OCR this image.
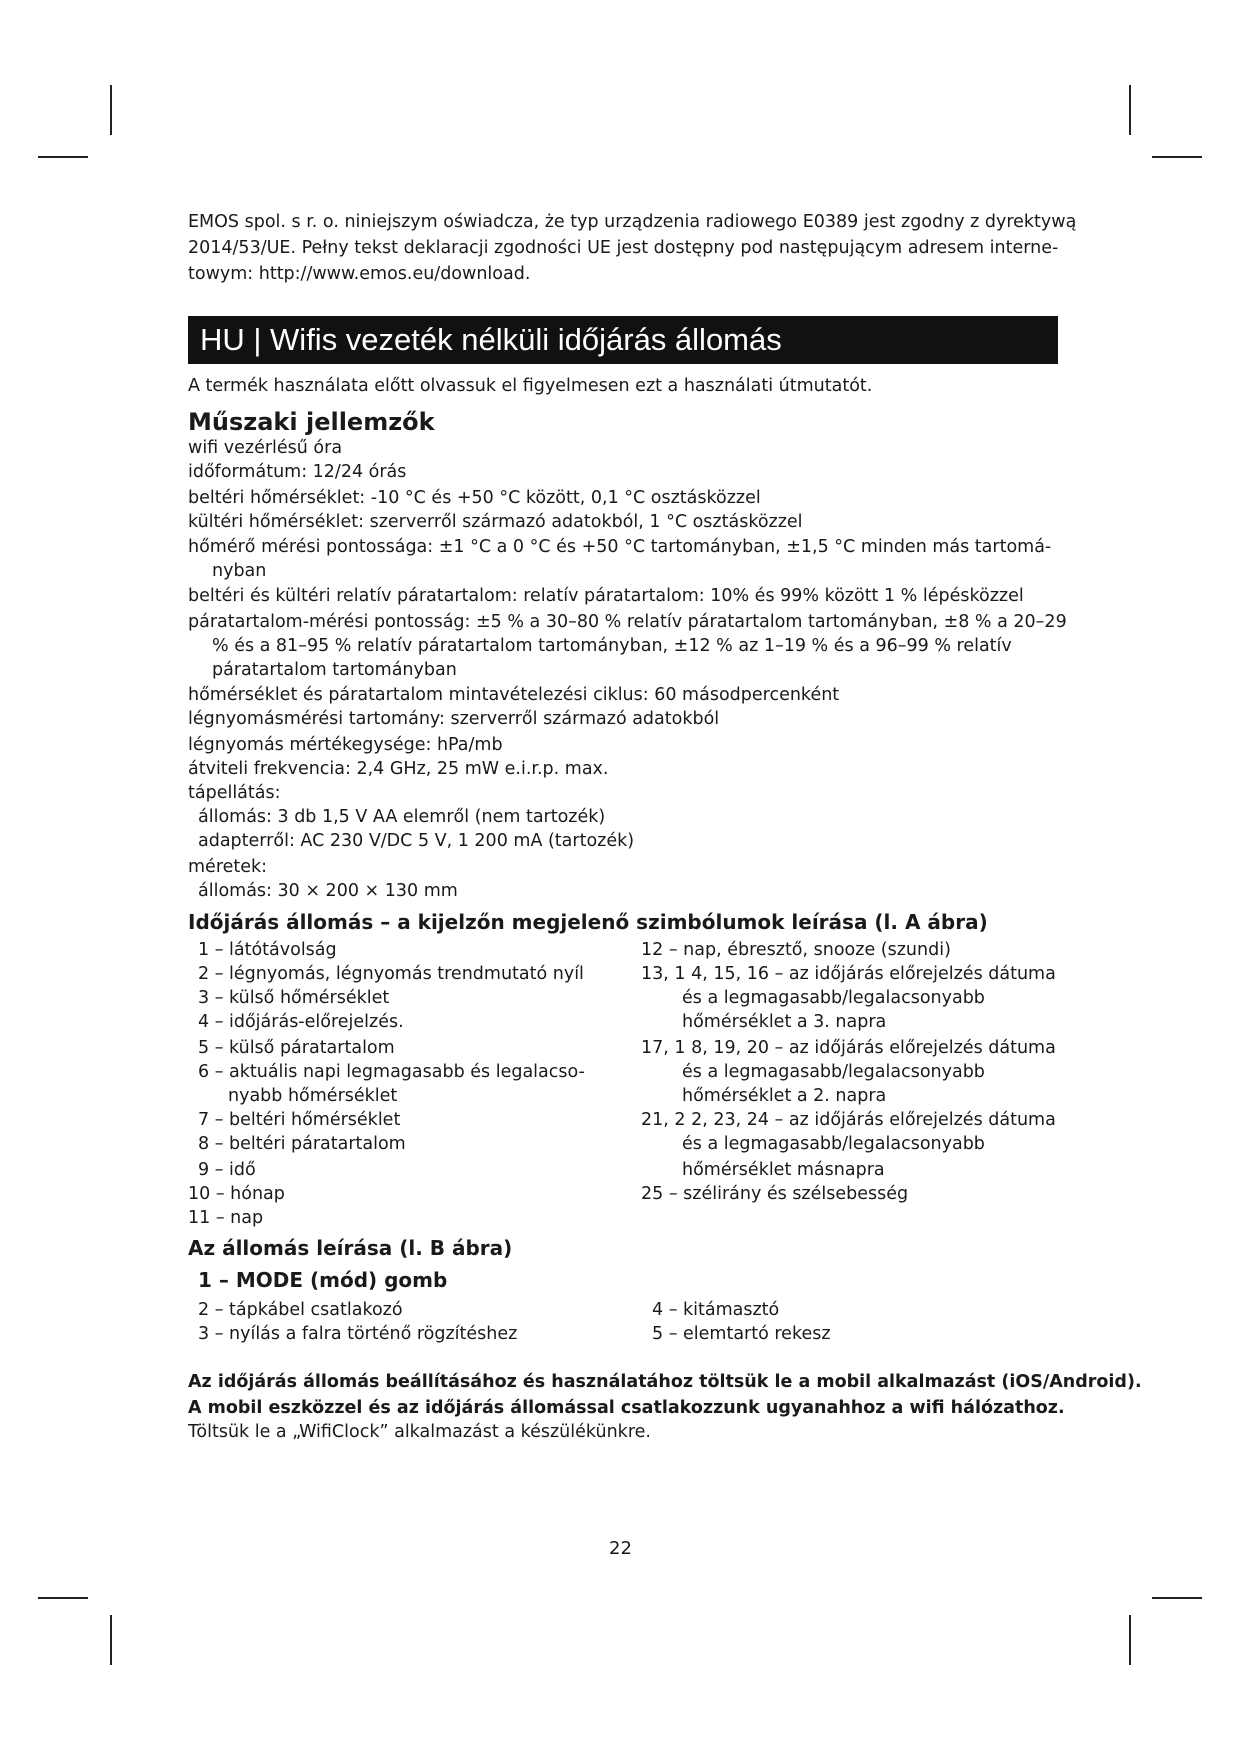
EMOS spol. s r. o. niniejszym oświadcza, że typ urządzenia radiowego E0389 jest zgodny z dyrektywą
2014/53/UE. Pełny tekst deklaracji zgodności UE jest dostępny pod następującym adresem interne-
towym: http://www.emos.eu/download.
HU | Wifis vezeték nélküli időjárás állomás
A termék használata előtt olvassuk el figyelmesen ezt a használati útmutatót.
Műszaki jellemzők
wifi vezérlésű óra
időformátum: 12/24 órás
beltéri hőmérséklet: -10 °C és +50 °C között, 0,1 °C osztásközzel
kültéri hőmérséklet: szerverről származó adatokból, 1 °C osztásközzel
hőmérő mérési pontossága: ±1 °C a 0 °C és +50 °C tartományban, ±1,5 °C minden más tartomá-
nyban
beltéri és kültéri relatív páratartalom: relatív páratartalom: 10% és 99% között 1 % lépésközzel
páratartalom-mérési pontosság: ±5 % a 30–80 % relatív páratartalom tartományban, ±8 % a 20–29
% és a 81–95 % relatív páratartalom tartományban, ±12 % az 1–19 % és a 96–99 % relatív
páratartalom tartományban
hőmérséklet és páratartalom mintavételezési ciklus: 60 másodpercenként
légnyomásmérési tartomány: szerverről származó adatokból
légnyomás mértékegysége: hPa/mb
átviteli frekvencia: 2,4 GHz, 25 mW e.i.r.p. max.
tápellátás:
állomás: 3 db 1,5 V AA elemről (nem tartozék)
adapterről: AC 230 V/DC 5 V, 1 200 mA (tartozék)
méretek:
állomás: 30 × 200 × 130 mm
Időjárás állomás – a kijelzőn megjelenő szimbólumok leírása (l. A ábra)
1 – látótávolság
2 – légnyomás, légnyomás trendmutató nyíl
3 – külső hőmérséklet
4 – időjárás-előrejelzés.
5 – külső páratartalom
6 – aktuális napi legmagasabb és legalacso-
nyabb hőmérséklet
7 – beltéri hőmérséklet
8 – beltéri páratartalom
9 – idő
10 – hónap
11 – nap
12 – nap, ébresztő, snooze (szundi)
13, 1 4, 15, 16 – az időjárás előrejelzés dátuma
és a legmagasabb/legalacsonyabb
hőmérséklet a 3. napra
17, 1 8, 19, 20 – az időjárás előrejelzés dátuma
és a legmagasabb/legalacsonyabb
hőmérséklet a 2. napra
21, 2 2, 23, 24 – az időjárás előrejelzés dátuma
és a legmagasabb/legalacsonyabb
hőmérséklet másnapra
25 – szélirány és szélsebesség
Az állomás leírása (l. B ábra)
1 – MODE (mód) gomb
2 – tápkábel csatlakozó
3 – nyílás a falra történő rögzítéshez
4 – kitámasztó
5 – elemtartó rekesz
Az időjárás állomás beállításához és használatához töltsük le a mobil alkalmazást (iOS/Android).
A mobil eszközzel és az időjárás állomással csatlakozzunk ugyanahhoz a wifi hálózathoz.
Töltsük le a „WifiClock” alkalmazást a készülékünkre.
22
